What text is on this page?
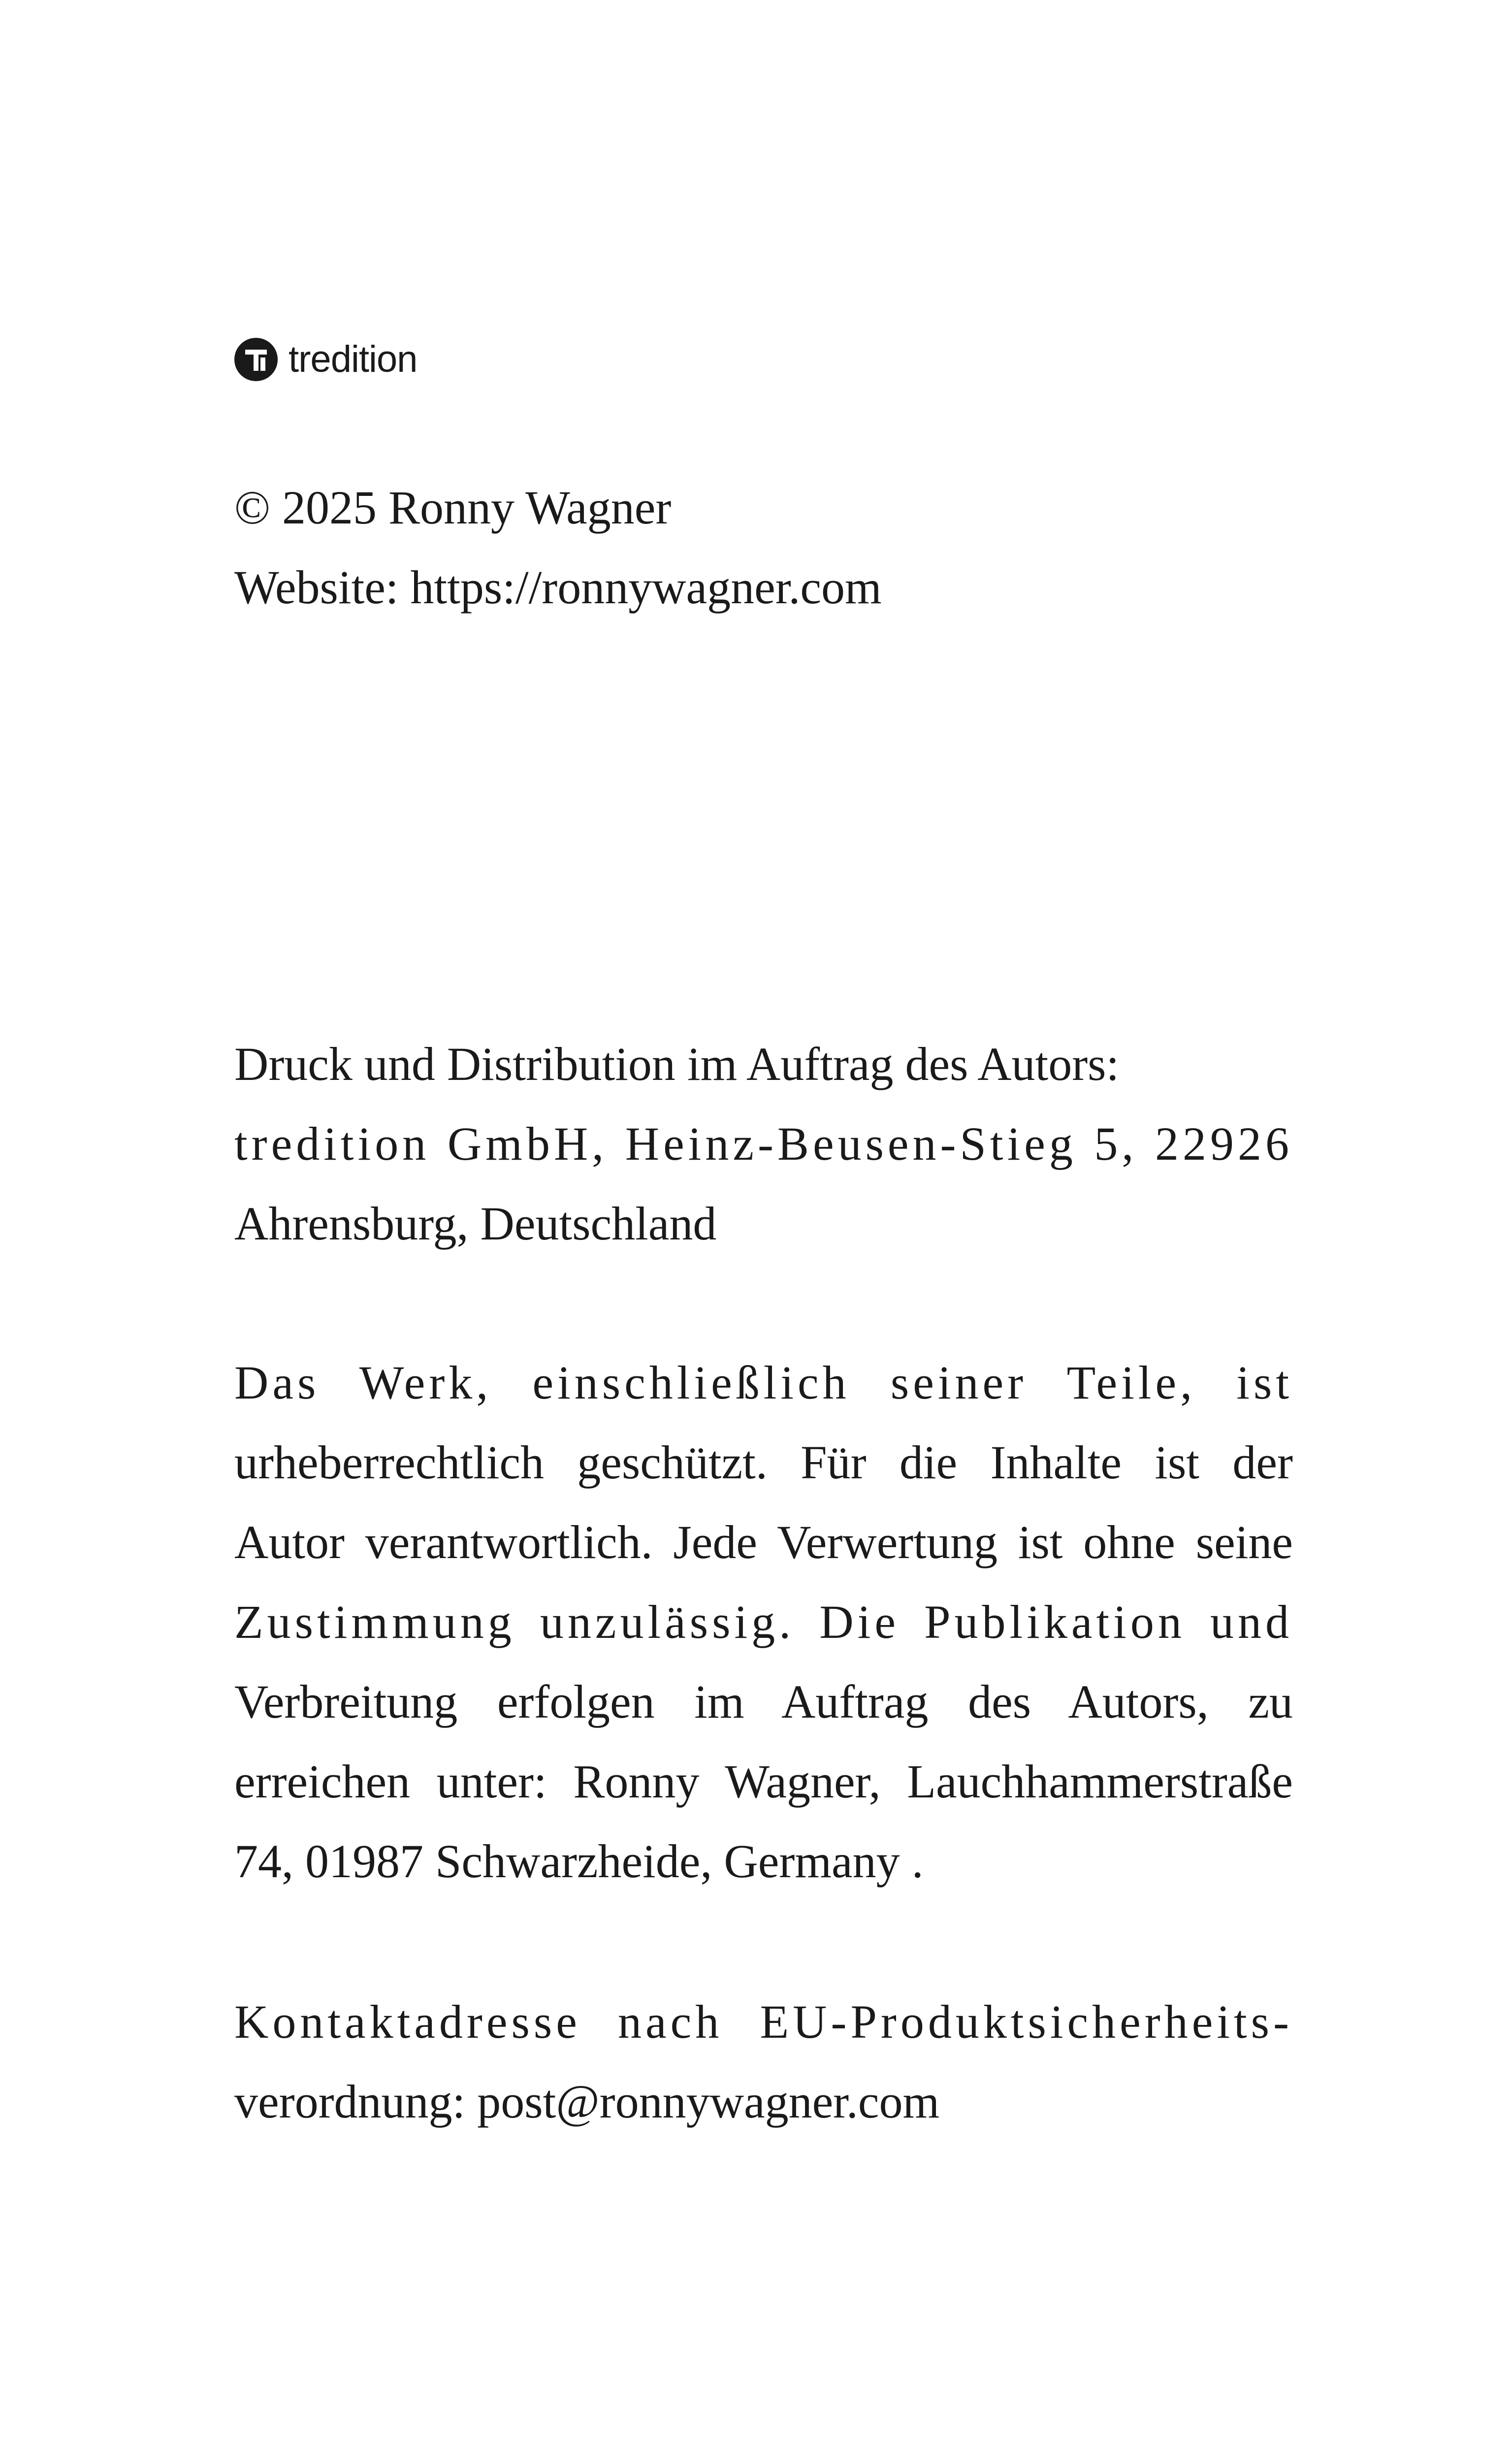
tredition
© 2025 Ronny Wagner
Website: https://ronnywagner.com
Druck und Distribution im Auftrag des Autors:
tredition GmbH, Heinz-Beusen-Stieg 5, 22926
Ahrensburg, Deutschland
Das Werk, einschließlich seiner Teile, ist
urheberrechtlich geschützt. Für die Inhalte ist der
Autor verantwortlich. Jede Verwertung ist ohne seine
Zustimmung unzulässig. Die Publikation und
Verbreitung erfolgen im Auftrag des Autors, zu
erreichen unter: Ronny Wagner, Lauchhammerstraße
74, 01987 Schwarzheide, Germany .
Kontaktadresse nach EU-Produktsicherheits-
verordnung: post@ronnywagner.com
